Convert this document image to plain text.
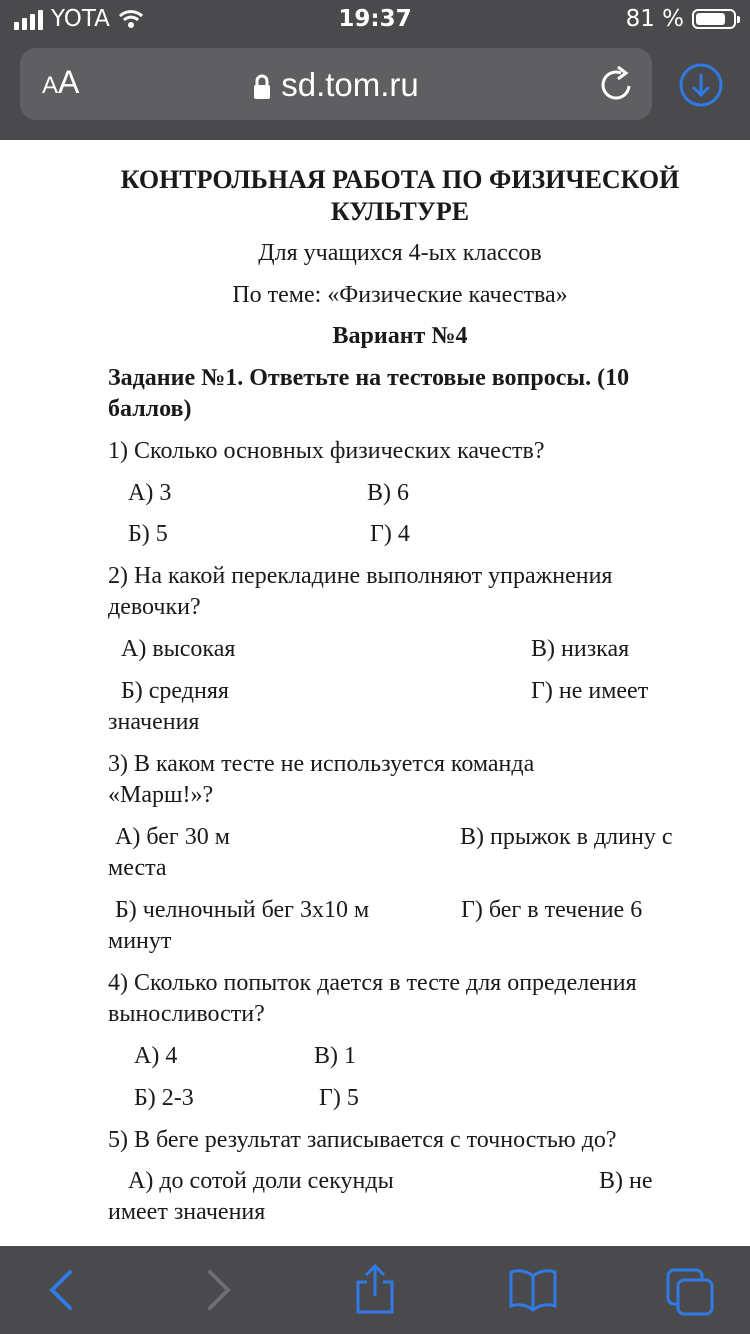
YOTA	19:37	81 %
AA	sd.tom.ru

КОНТРОЛЬНАЯ РАБОТА ПО ФИЗИЧЕСКОЙ

КУЛЬТУРЕ

Для учащихся 4-ых классов

По теме: «Физические качества»

Вариант №4

Задание №1. Ответьте на тестовые вопросы. (10

баллов)

1) Сколько основных физических качеств?

А) 3	В) 6

Б) 5	Г) 4

2) На какой перекладине выполняют упражнения

девочки?

А) высокая	В) низкая

Б) средняя	Г) не имеет

значения

3) В каком тесте не используется команда

«Марш!»?

А) бег 30 м	В) прыжок в длину с

места

Б) челночный бег 3х10 м	Г) бег в течение 6

минут

4) Сколько попыток дается в тесте для определения

выносливости?

А) 4	В) 1

Б) 2-3	Г) 5

5) В беге результат записывается с точностью до?

А) до сотой доли секунды	В) не

имеет значения
